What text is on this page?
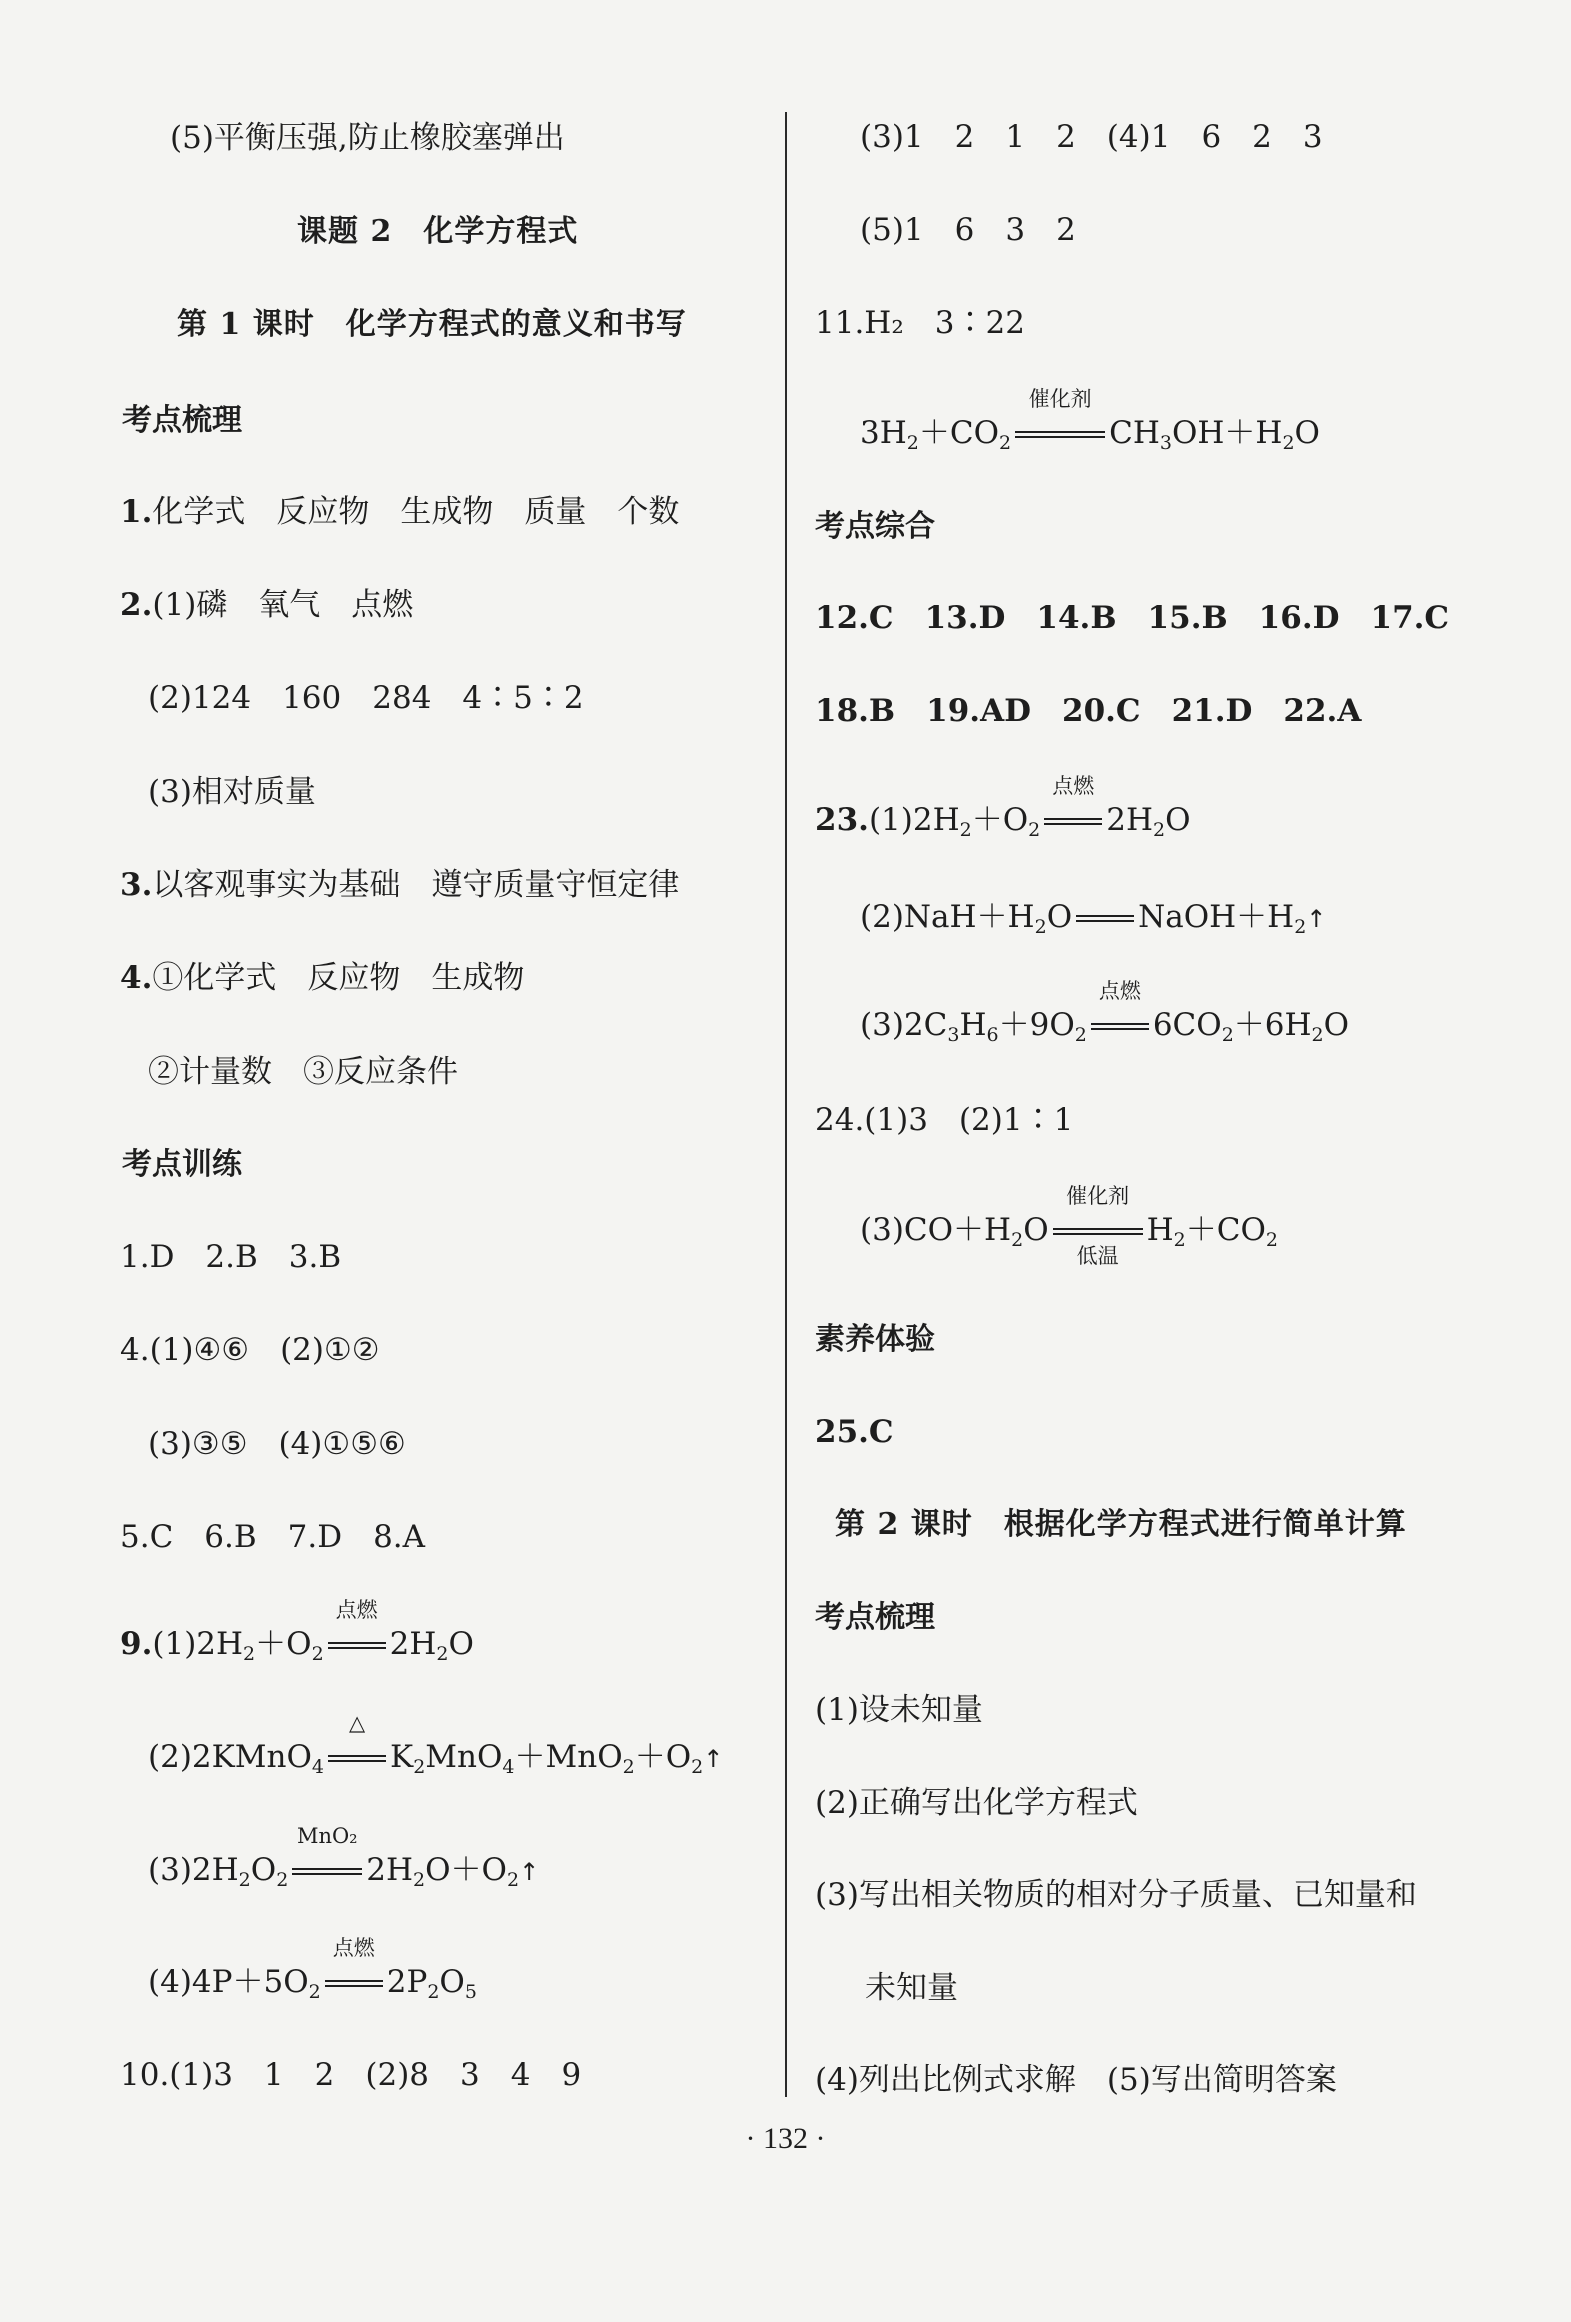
(5)平衡压强,防止橡胶塞弹出
课题 2　化学方程式
第 1 课时　化学方程式的意义和书写
考点梳理
1.化学式　反应物　生成物　质量　个数
2.(1)磷　氧气　点燃
(2)124　160　284　4∶5∶2
(3)相对质量
3.以客观事实为基础　遵守质量守恒定律
4.①化学式　反应物　生成物
②计量数　③反应条件
考点训练
1.D　2.B　3.B
4.(1)④⑥　(2)①②
(3)③⑤　(4)①⑤⑥
5.C　6.B　7.D　8.A
$9.(1)2H_2+O_2$
点燃
$2H_2O$
(2)2KMnO$_4$
△
$K_2MnO_4+MnO_2+O_2↑$
$(3)2H_2O_2$
MnO₂
$2H_2O+O_2↑$
$(4)4P+5O_2$
点燃
$2P_2O_5$
10.(1)3　1　2　(2)8　3　4　9
(3)1　2　1　2　(4)1　6　2　3
(5)1　6　3　2
11.H₂　3∶22
$3H_2+CO_2$
催化剂
$CH_3OH+H_2O$
考点综合
12.C　13.D　14.B　15.B　16.D　17.C
18.B　19.AD　20.C　21.D　22.A
$23.(1)2H_2+O_2$
点燃
$2H_2O$
$(2)NaH+H_2O$ $NaOH+H_2↑$
$(3)2C_3H_6+9O_2$
点燃
$6CO_2+6H_2O$
24.(1)3　(2)1∶1
$(3)CO+H_2O$
催化剂
低温
$H_2+CO_2$
素养体验
25.C
第 2 课时　根据化学方程式进行简单计算
考点梳理
(1)设未知量
(2)正确写出化学方程式
(3)写出相关物质的相对分子质量、已知量和
未知量
(4)列出比例式求解　(5)写出简明答案
· 132 ·
